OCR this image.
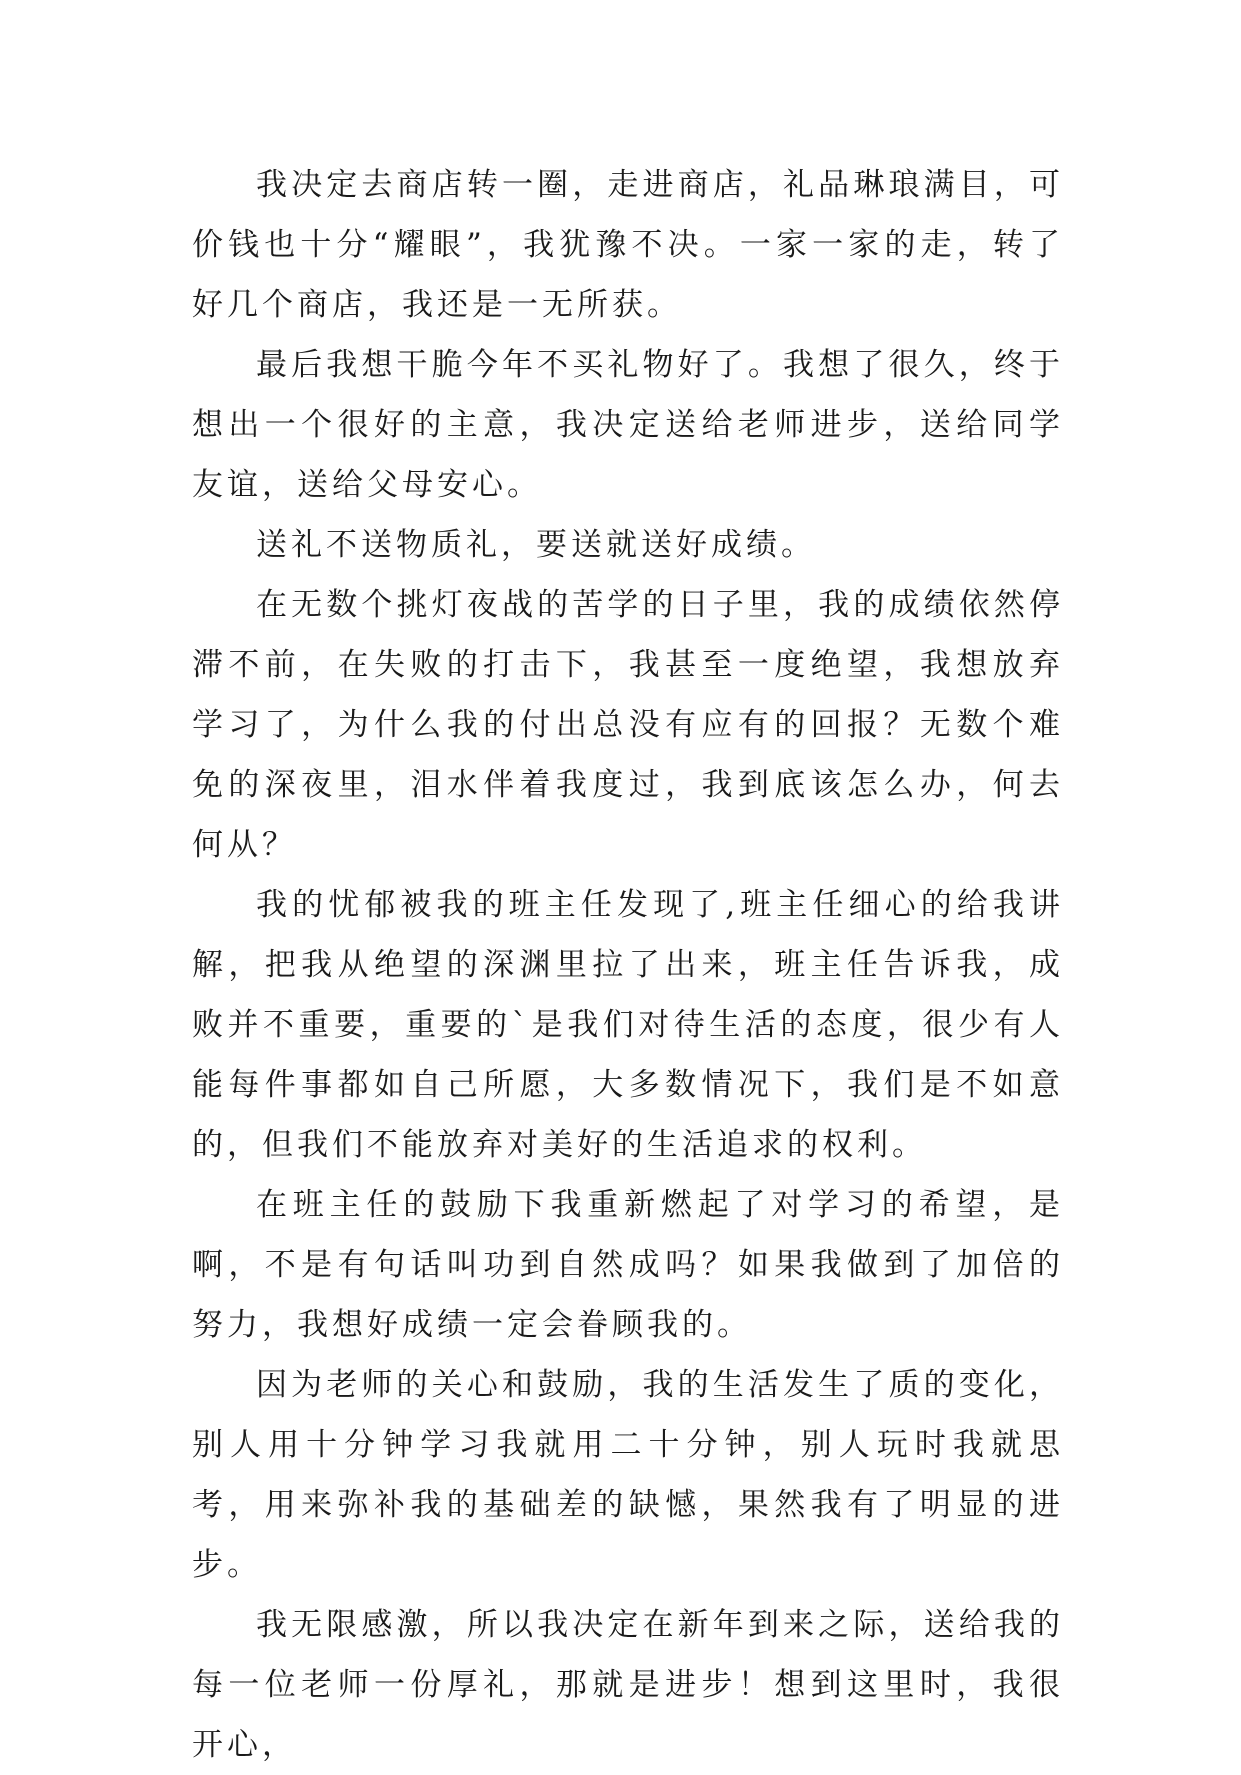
我决定去商店转一圈，走进商店，礼品琳琅满目，可价钱也十分“耀眼”，我犹豫不决。一家一家的走，转了好几个商店，我还是一无所获。

最后我想干脆今年不买礼物好了。我想了很久，终于想出一个很好的主意，我决定送给老师进步，送给同学友谊，送给父母安心。

送礼不送物质礼，要送就送好成绩。

在无数个挑灯夜战的苦学的日子里，我的成绩依然停滞不前，在失败的打击下，我甚至一度绝望，我想放弃学习了，为什么我的付出总没有应有的回报？无数个难免的深夜里，泪水伴着我度过，我到底该怎么办，何去何从？

我的忧郁被我的班主任发现了,班主任细心的给我讲解，把我从绝望的深渊里拉了出来，班主任告诉我，成败并不重要，重要的`是我们对待生活的态度，很少有人能每件事都如自己所愿，大多数情况下，我们是不如意的，但我们不能放弃对美好的生活追求的权利。

在班主任的鼓励下我重新燃起了对学习的希望，是啊，不是有句话叫功到自然成吗？如果我做到了加倍的努力，我想好成绩一定会眷顾我的。

因为老师的关心和鼓励，我的生活发生了质的变化，别人用十分钟学习我就用二十分钟，别人玩时我就思考，用来弥补我的基础差的缺憾，果然我有了明显的进步。

我无限感激，所以我决定在新年到来之际，送给我的每一位老师一份厚礼，那就是进步！想到这里时，我很开心，
